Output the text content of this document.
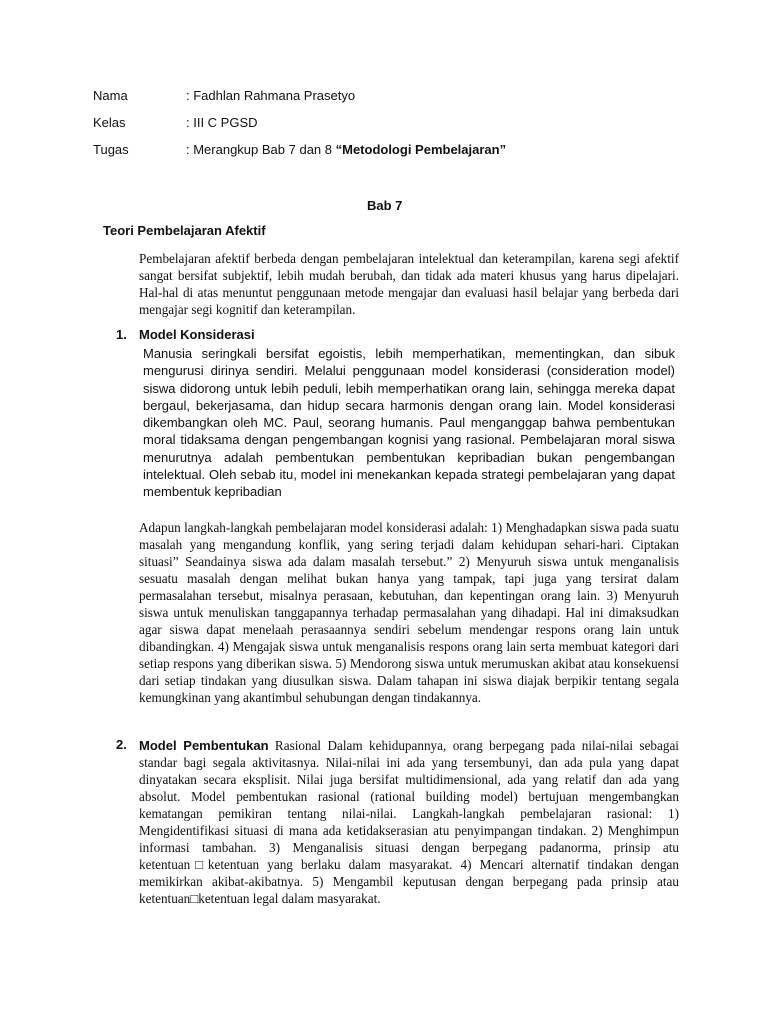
Nama	: Fadhlan Rahmana Prasetyo
Kelas	: III C PGSD
Tugas	: Merangkup Bab 7 dan 8 “Metodologi Pembelajaran”
Bab 7
Teori Pembelajaran Afektif

Pembelajaran afektif berbeda dengan pembelajaran intelektual dan keterampilan, karena segi afektif sangat bersifat subjektif, lebih mudah berubah, dan tidak ada materi khusus yang harus dipelajari. Hal-hal di atas menuntut penggunaan metode mengajar dan evaluasi hasil belajar yang berbeda dari mengajar segi kognitif dan keterampilan.

1. Model Konsiderasi

Manusia seringkali bersifat egoistis, lebih memperhatikan, mementingkan, dan sibuk mengurusi dirinya sendiri. Melalui penggunaan model konsiderasi (consideration model) siswa didorong untuk lebih peduli, lebih memperhatikan orang lain, sehingga mereka dapat bergaul, bekerjasama, dan hidup secara harmonis dengan orang lain. Model konsiderasi dikembangkan oleh MC. Paul, seorang humanis. Paul menganggap bahwa pembentukan moral tidaksama dengan pengembangan kognisi yang rasional. Pembelajaran moral siswa menurutnya adalah pembentukan pembentukan kepribadian bukan pengembangan intelektual. Oleh sebab itu, model ini menekankan kepada strategi pembelajaran yang dapat membentuk kepribadian

Adapun langkah-langkah pembelajaran model konsiderasi adalah: 1) Menghadapkan siswa pada suatu masalah yang mengandung konflik, yang sering terjadi dalam kehidupan sehari-hari. Ciptakan situasi” Seandainya siswa ada dalam masalah tersebut.” 2) Menyuruh siswa untuk menganalisis sesuatu masalah dengan melihat bukan hanya yang tampak, tapi juga yang tersirat dalam permasalahan tersebut, misalnya perasaan, kebutuhan, dan kepentingan orang lain. 3) Menyuruh siswa untuk menuliskan tanggapannya terhadap permasalahan yang dihadapi. Hal ini dimaksudkan agar siswa dapat menelaah perasaannya sendiri sebelum mendengar respons orang lain untuk dibandingkan. 4) Mengajak siswa untuk menganalisis respons orang lain serta membuat kategori dari setiap respons yang diberikan siswa. 5) Mendorong siswa untuk merumuskan akibat atau konsekuensi dari setiap tindakan yang diusulkan siswa. Dalam tahapan ini siswa diajak berpikir tentang segala kemungkinan yang akantimbul sehubungan dengan tindakannya.

2. Model Pembentukan Rasional Dalam kehidupannya, orang berpegang pada nilai-nilai sebagai standar bagi segala aktivitasnya. Nilai-nilai ini ada yang tersembunyi, dan ada pula yang dapat dinyatakan secara eksplisit. Nilai juga bersifat multidimensional, ada yang relatif dan ada yang absolut. Model pembentukan rasional (rational building model) bertujuan mengembangkan kematangan pemikiran tentang nilai-nilai. Langkah-langkah pembelajaran rasional: 1) Mengidentifikasi situasi di mana ada ketidakserasian atu penyimpangan tindakan. 2) Menghimpun informasi tambahan. 3) Menganalisis situasi dengan berpegang padanorma, prinsip atu ketentuan□ketentuan yang berlaku dalam masyarakat. 4) Mencari alternatif tindakan dengan memikirkan akibat-akibatnya. 5) Mengambil keputusan dengan berpegang pada prinsip atau ketentuan□ketentuan legal dalam masyarakat.
